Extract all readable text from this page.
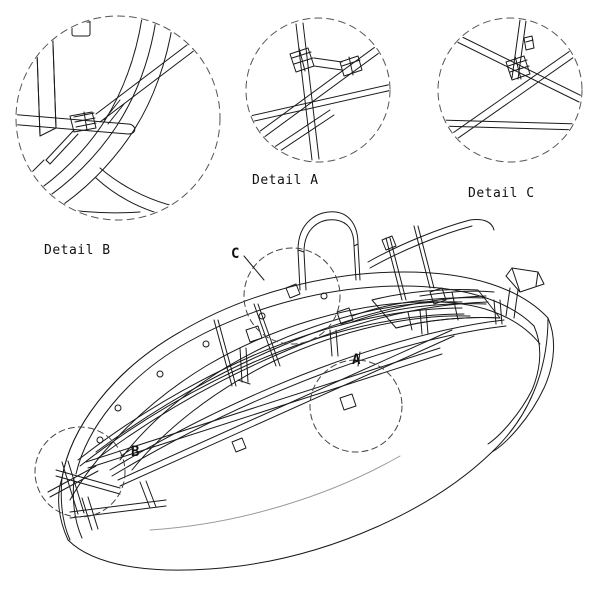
Detail B
Detail A
Detail C
A
B
C
